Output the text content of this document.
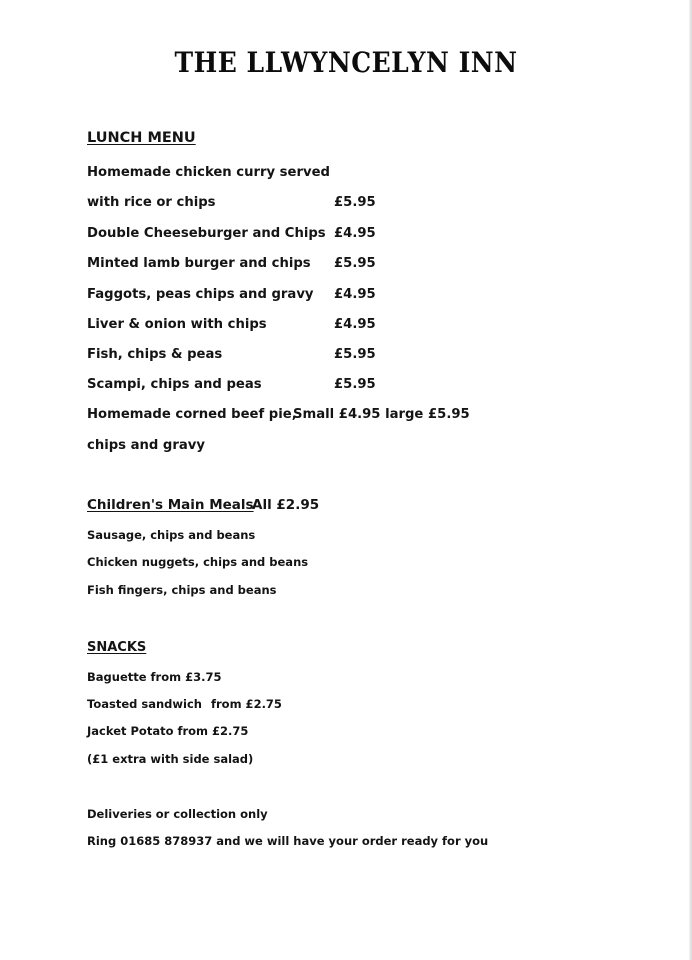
THE LLWYNCELYN INN
LUNCH MENU
Homemade chicken curry served
with rice or chips	£5.95
Double Cheeseburger and Chips £4.95
Minted lamb burger and chips £5.95
Faggots, peas chips and gravy £4.95
Liver & onion with chips	£4.95
Fish, chips & peas	£5.95
Scampi, chips and peas	£5.95
Homemade corned beef pie,
Small £4.95 large £5.95
chips and gravy
Children's Main Meals
All £2.95
Sausage, chips and beans
Chicken nuggets, chips and beans
Fish fingers, chips and beans
SNACKS
Baguette from £3.75
Toasted sandwich from £2.75
Jacket Potato from £2.75
(£1 extra with side salad)
Deliveries or collection only
Ring 01685 878937 and we will have your order ready for you
